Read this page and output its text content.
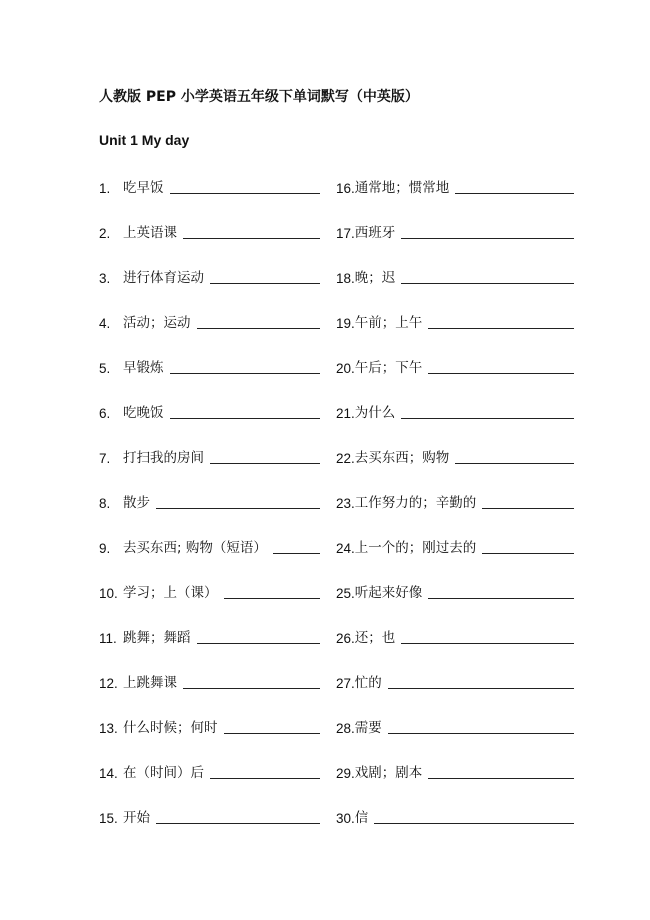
人教版 PEP 小学英语五年级下单词默写（中英版）
Unit 1 My day
1. 吃早饭
2. 上英语课
3. 进行体育运动
4. 活动；运动
5. 早锻炼
6. 吃晚饭
7. 打扫我的房间
8. 散步
9. 去买东西; 购物（短语）
10. 学习；上（课）
11. 跳舞；舞蹈
12. 上跳舞课
13. 什么时候；何时
14. 在（时间）后
15. 开始
16. 通常地；惯常地
17. 西班牙
18. 晚；迟
19. 午前；上午
20. 午后；下午
21. 为什么
22. 去买东西；购物
23. 工作努力的；辛勤的
24. 上一个的；刚过去的
25. 听起来好像
26. 还；也
27. 忙的
28. 需要
29. 戏剧；剧本
30. 信
